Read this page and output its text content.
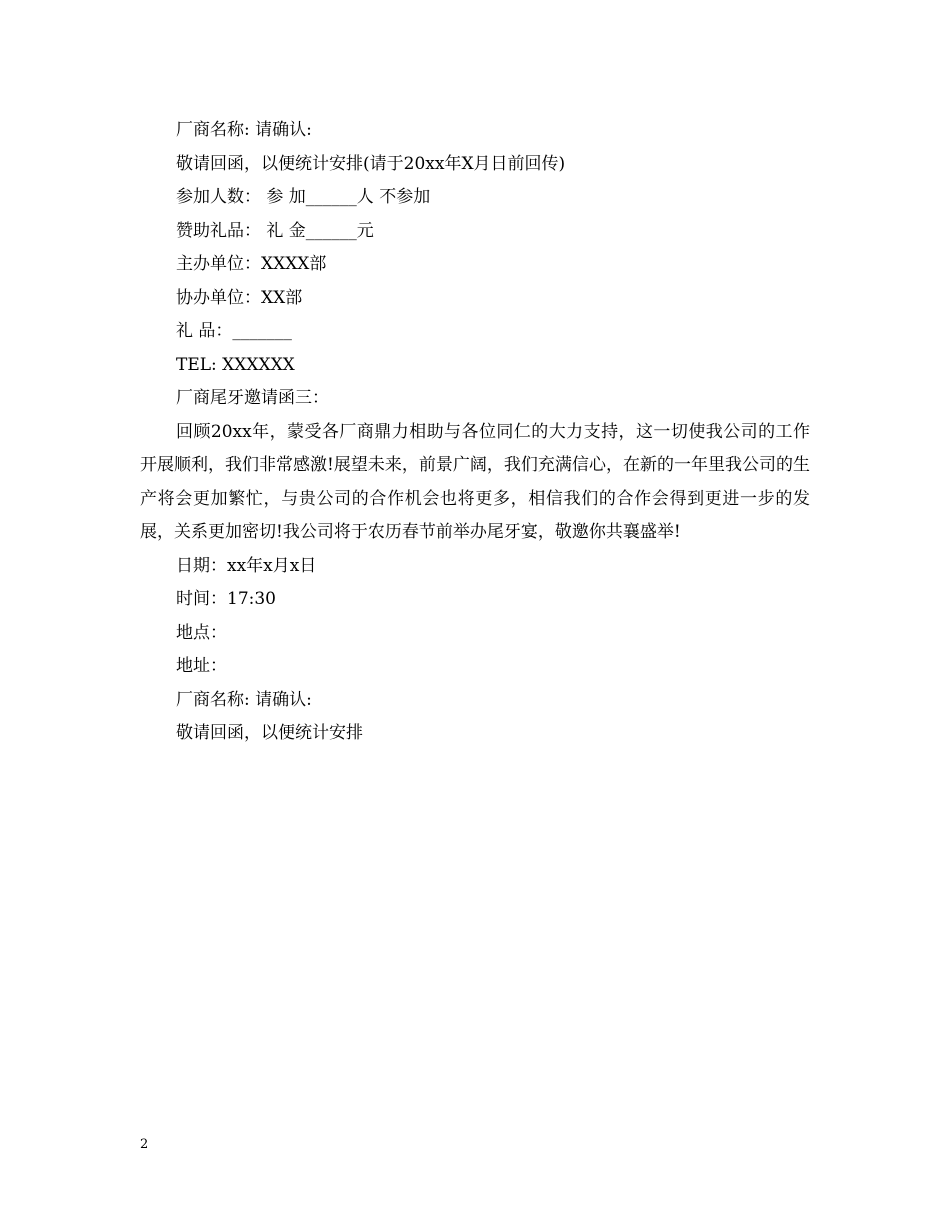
厂商名称: 请确认:
敬请回函，以便统计安排(请于20xx年X月日前回传)
参加人数： 参 加______人 不参加
赞助礼品： 礼 金______元
主办单位：XXXX部
协办单位：XX部
礼 品：_______
TEL: XXXXXX
厂商尾牙邀请函三：

回顾20xx年，蒙受各厂商鼎力相助与各位同仁的大力支持，这一切使我公司的工作开展顺利，我们非常感激!展望未来，前景广阔，我们充满信心，在新的一年里我公司的生产将会更加繁忙，与贵公司的合作机会也将更多，相信我们的合作会得到更进一步的发展，关系更加密切!我公司将于农历春节前举办尾牙宴，敬邀你共襄盛举!

日期：xx年x月x日
时间：17:30
地点：
地址：
厂商名称: 请确认:
敬请回函，以便统计安排
2
